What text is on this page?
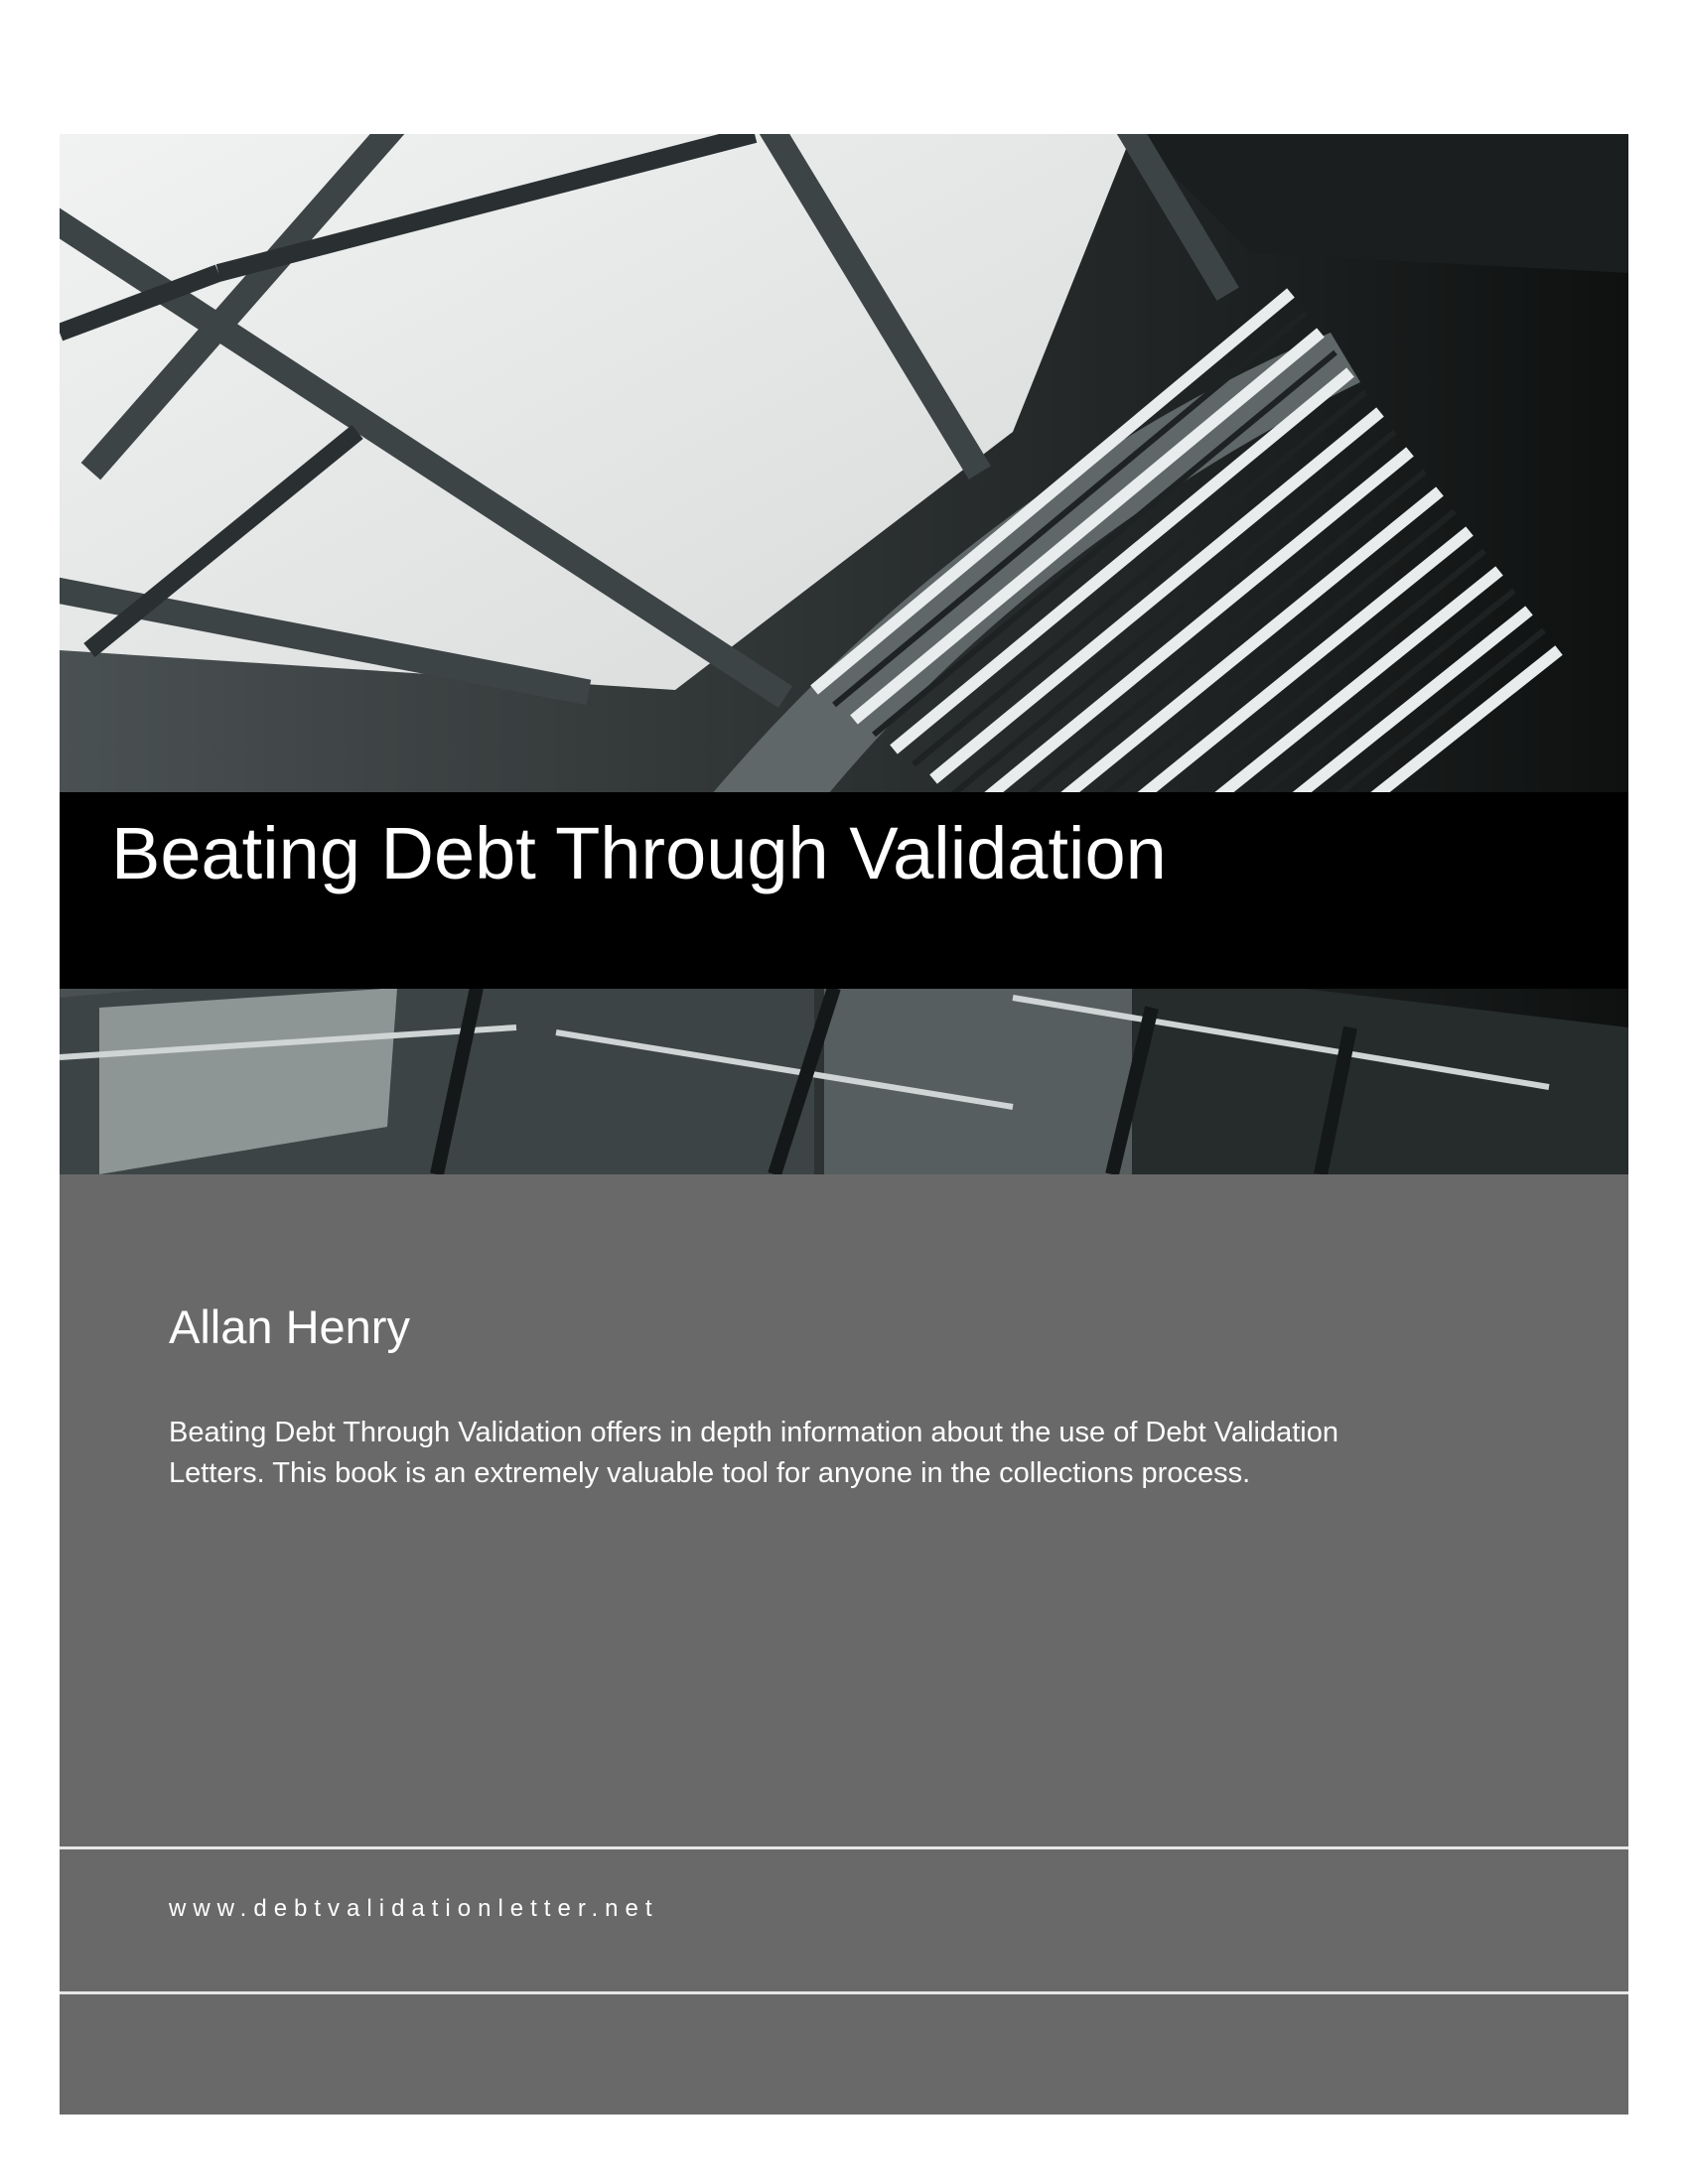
Beating Debt Through Validation
Allan Henry

Beating Debt Through Validation offers in depth information about the use of Debt Validation Letters. This book is an extremely valuable tool for anyone in the collections process.

www.debtvalidationletter.net
